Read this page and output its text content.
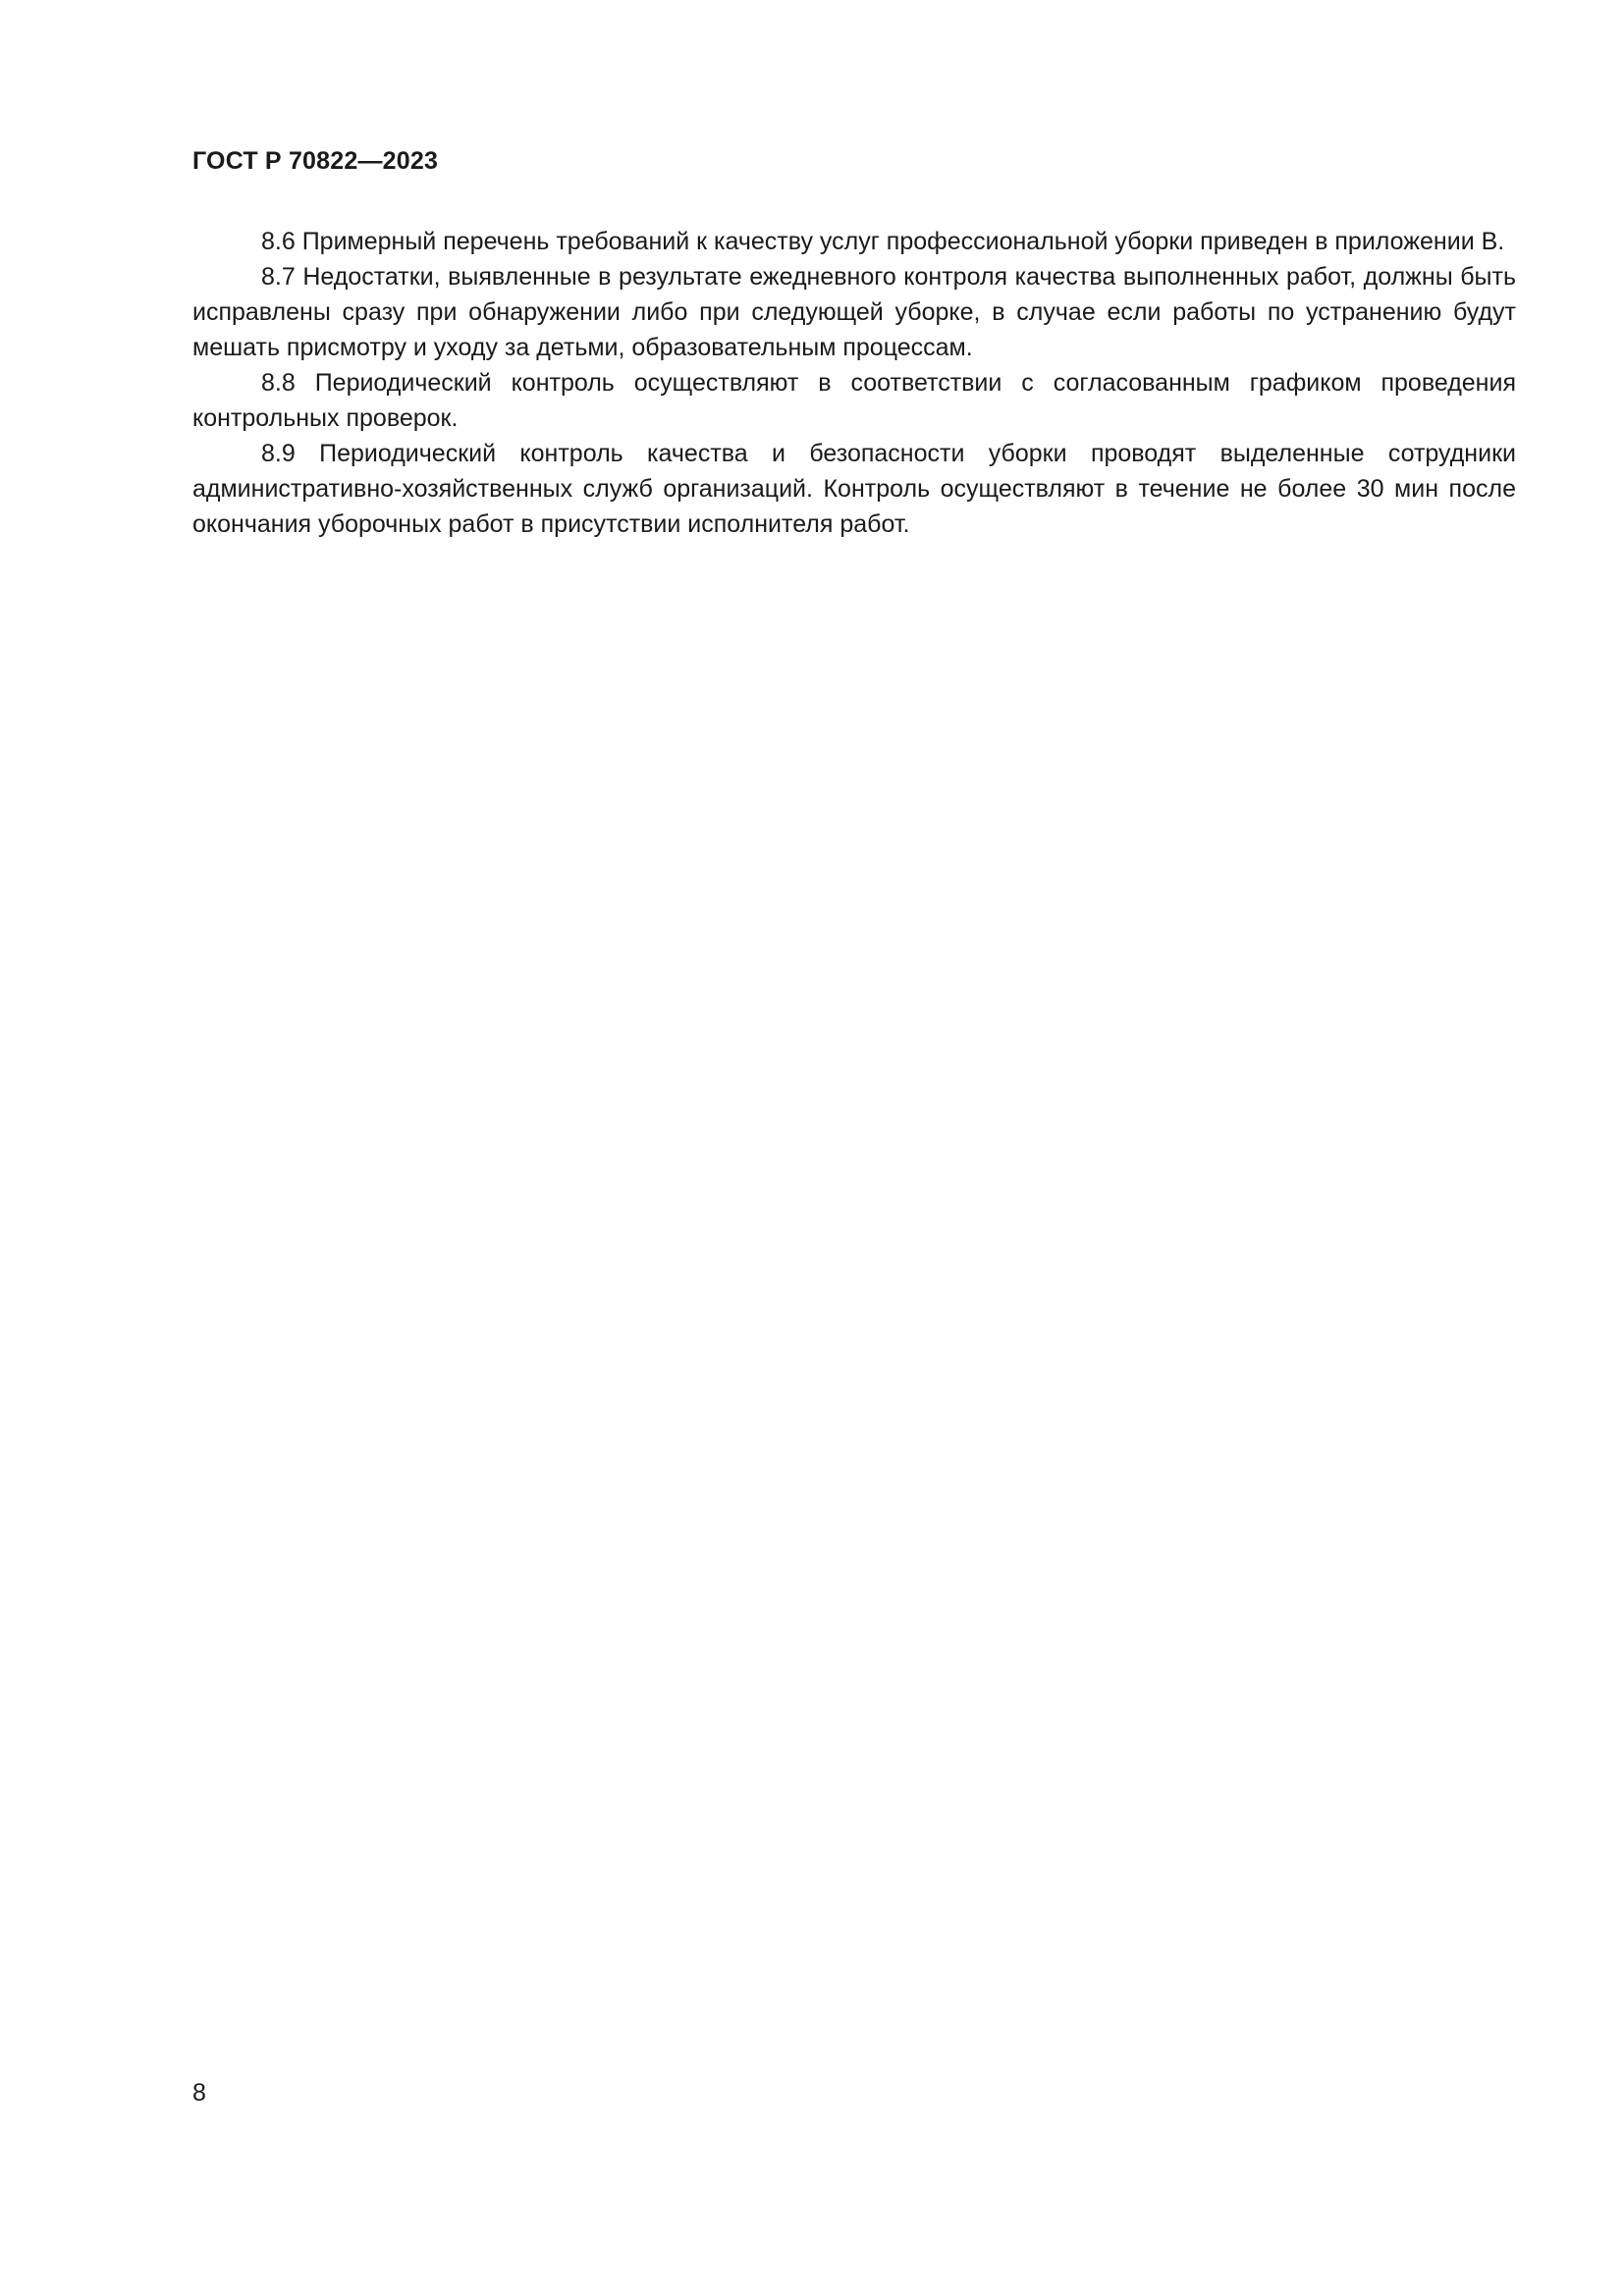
ГОСТ Р 70822—2023

8.6 Примерный перечень требований к качеству услуг профессиональной уборки приведен в приложении В.

8.7 Недостатки, выявленные в результате ежедневного контроля качества выполненных работ, должны быть исправлены сразу при обнаружении либо при следующей уборке, в случае если работы по устранению будут мешать присмотру и уходу за детьми, образовательным процессам.

8.8 Периодический контроль осуществляют в соответствии с согласованным графиком проведения контрольных проверок.

8.9 Периодический контроль качества и безопасности уборки проводят выделенные сотрудники административно-хозяйственных служб организаций. Контроль осуществляют в течение не более 30 мин после окончания уборочных работ в присутствии исполнителя работ.

8
